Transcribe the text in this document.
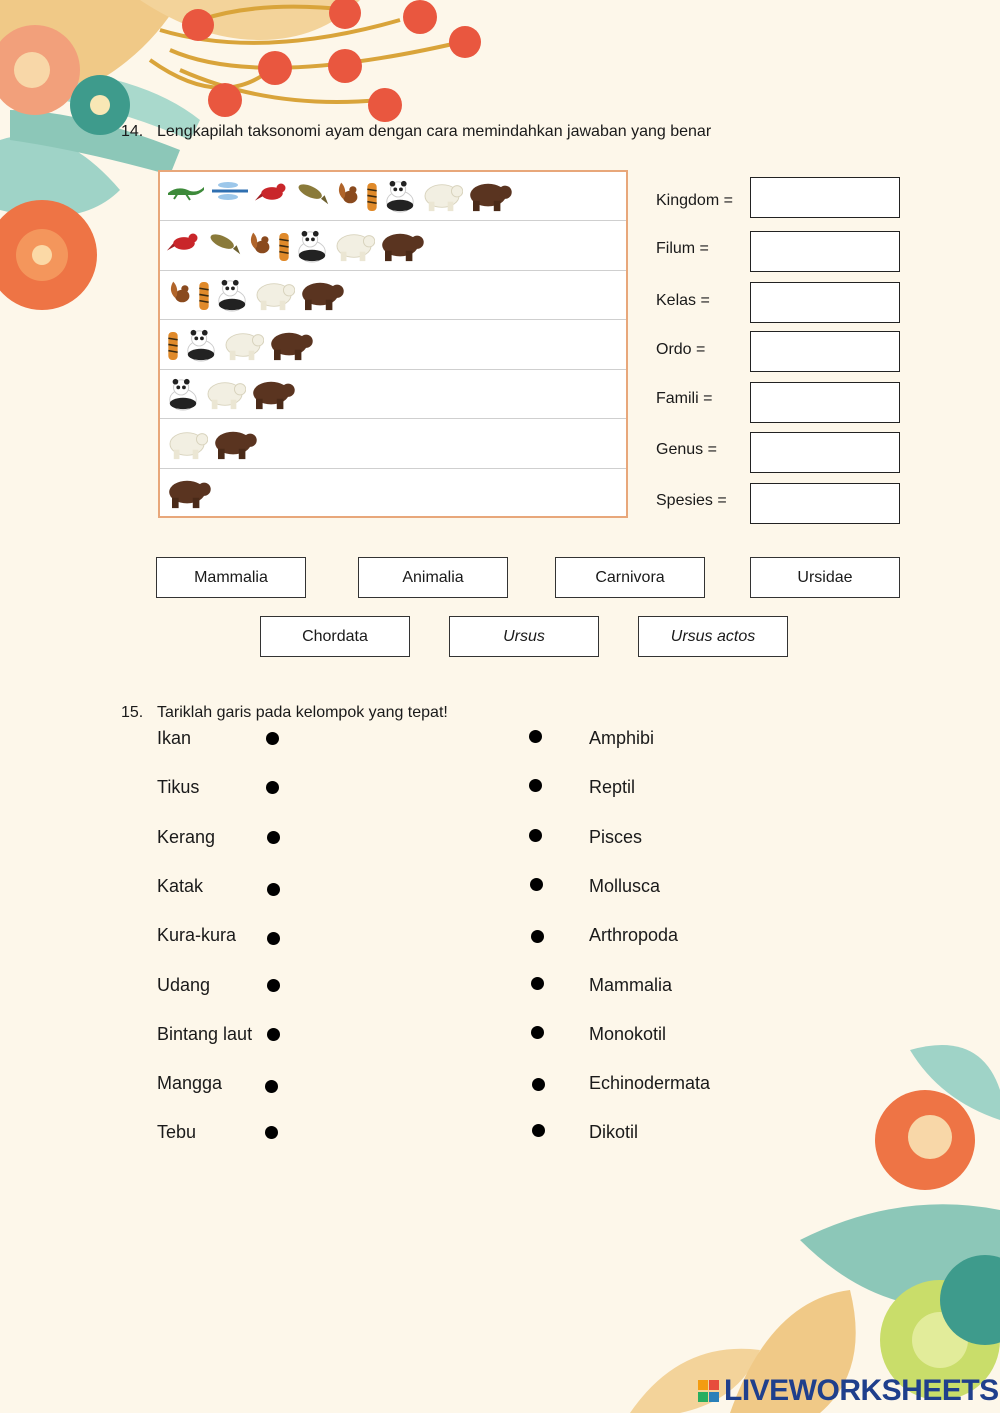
14. Lengkapilah taksonomi ayam dengan cara memindahkan jawaban yang benar
Kingdom =
Filum =
Kelas =
Ordo =
Famili =
Genus =
Spesies =
Mammalia	Animalia	Carnivora	Ursidae
Chordata	Ursus	Ursus actos
15. Tariklah garis pada kelompok yang tepat!
Ikan
Tikus
Kerang
Katak
Kura-kura
Udang
Bintang laut
Mangga
Tebu
Amphibi
Reptil
Pisces
Mollusca
Arthropoda
Mammalia
Monokotil
Echinodermata
Dikotil
LIVEWORKSHEETS
